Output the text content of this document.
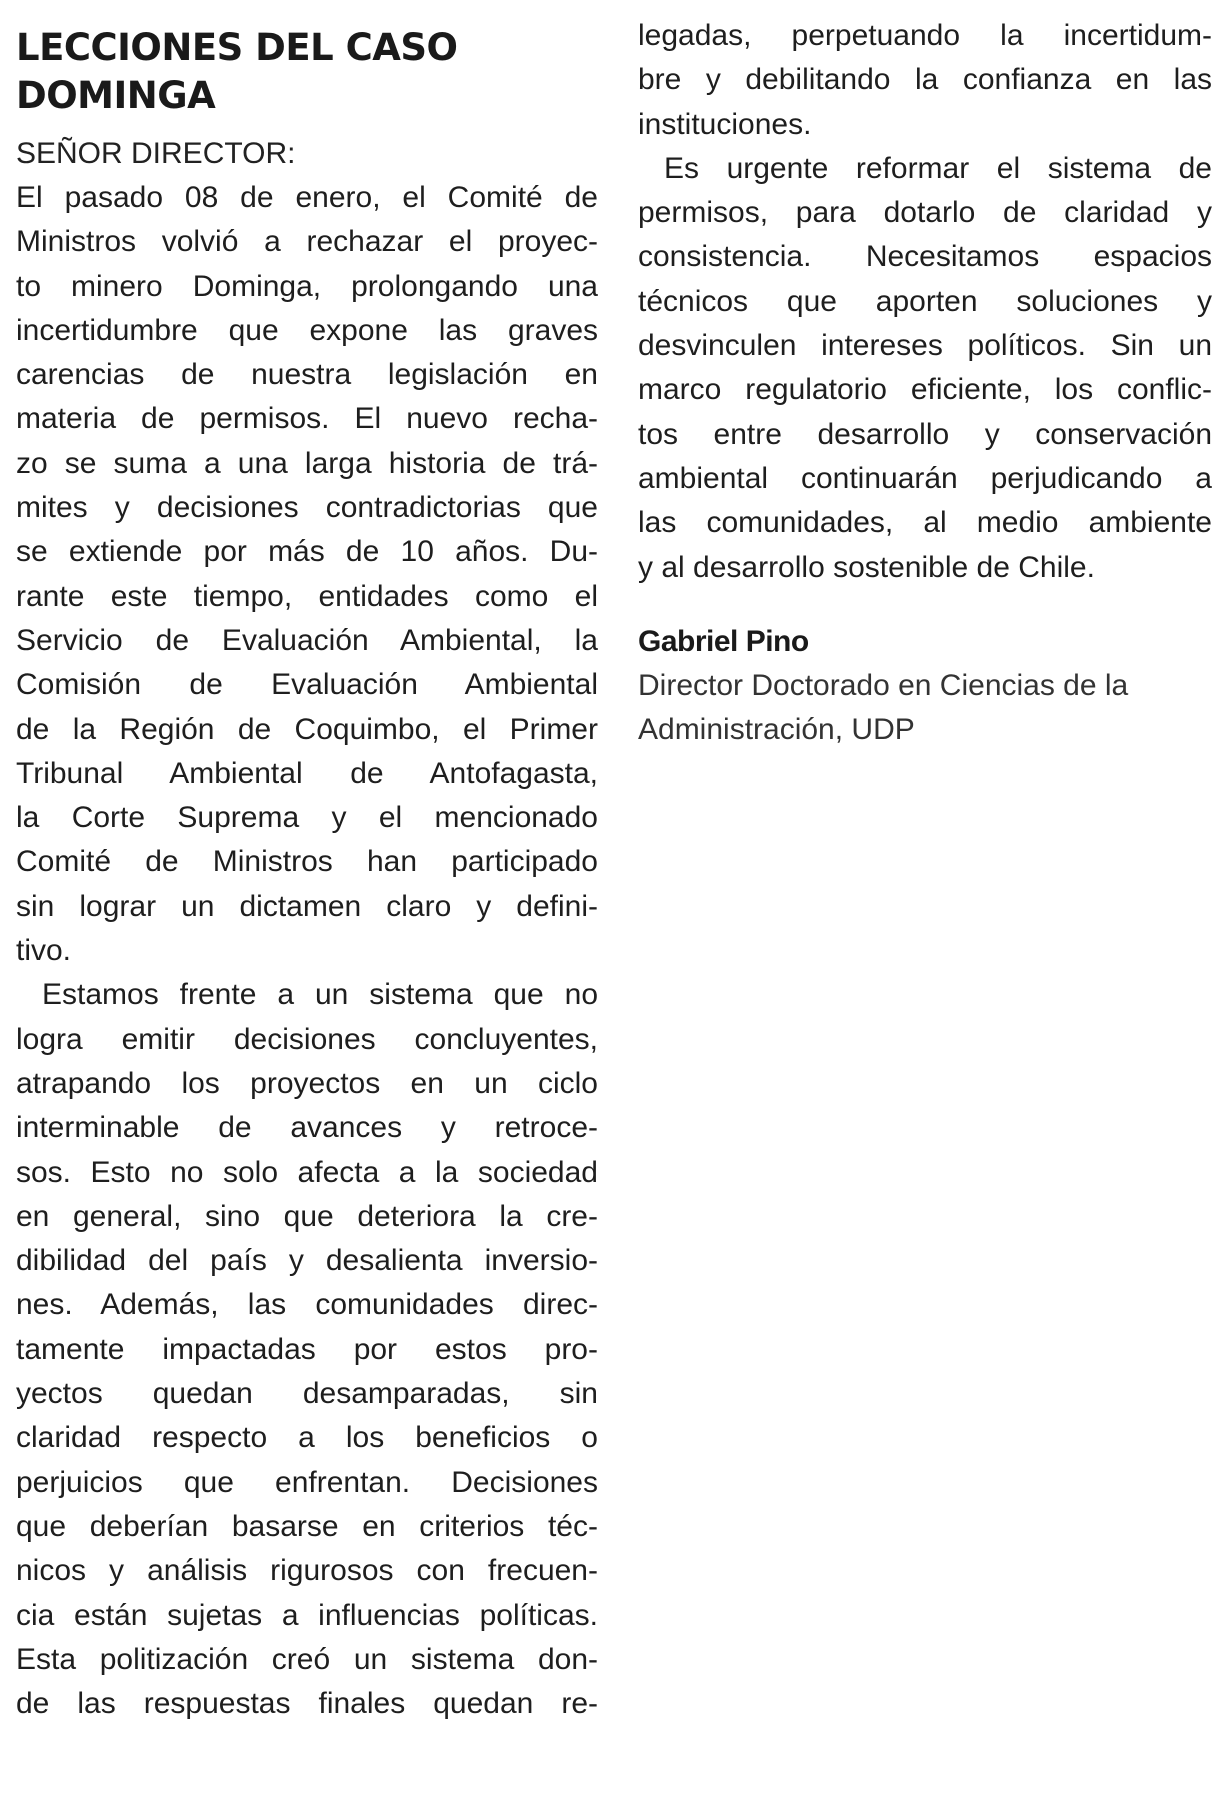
LECCIONES DEL CASO
DOMINGA
SEÑOR DIRECTOR:
El pasado 08 de enero, el Comité de
Ministros volvió a rechazar el proyec-
to minero Dominga, prolongando una
incertidumbre que expone las graves
carencias de nuestra legislación en
materia de permisos. El nuevo recha-
zo se suma a una larga historia de trá-
mites y decisiones contradictorias que
se extiende por más de 10 años. Du-
rante este tiempo, entidades como el
Servicio de Evaluación Ambiental, la
Comisión de Evaluación Ambiental
de la Región de Coquimbo, el Primer
Tribunal Ambiental de Antofagasta,
la Corte Suprema y el mencionado
Comité de Ministros han participado
sin lograr un dictamen claro y defini-
tivo.
Estamos frente a un sistema que no
logra emitir decisiones concluyentes,
atrapando los proyectos en un ciclo
interminable de avances y retroce-
sos. Esto no solo afecta a la sociedad
en general, sino que deteriora la cre-
dibilidad del país y desalienta inversio-
nes. Además, las comunidades direc-
tamente impactadas por estos pro-
yectos quedan desamparadas, sin
claridad respecto a los beneficios o
perjuicios que enfrentan. Decisiones
que deberían basarse en criterios téc-
nicos y análisis rigurosos con frecuen-
cia están sujetas a influencias políticas.
Esta politización creó un sistema don-
de las respuestas finales quedan re-
legadas, perpetuando la incertidum-
bre y debilitando la confianza en las
instituciones.
Es urgente reformar el sistema de
permisos, para dotarlo de claridad y
consistencia. Necesitamos espacios
técnicos que aporten soluciones y
desvinculen intereses políticos. Sin un
marco regulatorio eficiente, los conflic-
tos entre desarrollo y conservación
ambiental continuarán perjudicando a
las comunidades, al medio ambiente
y al desarrollo sostenible de Chile.
Gabriel Pino
Director Doctorado en Ciencias de la
Administración, UDP
